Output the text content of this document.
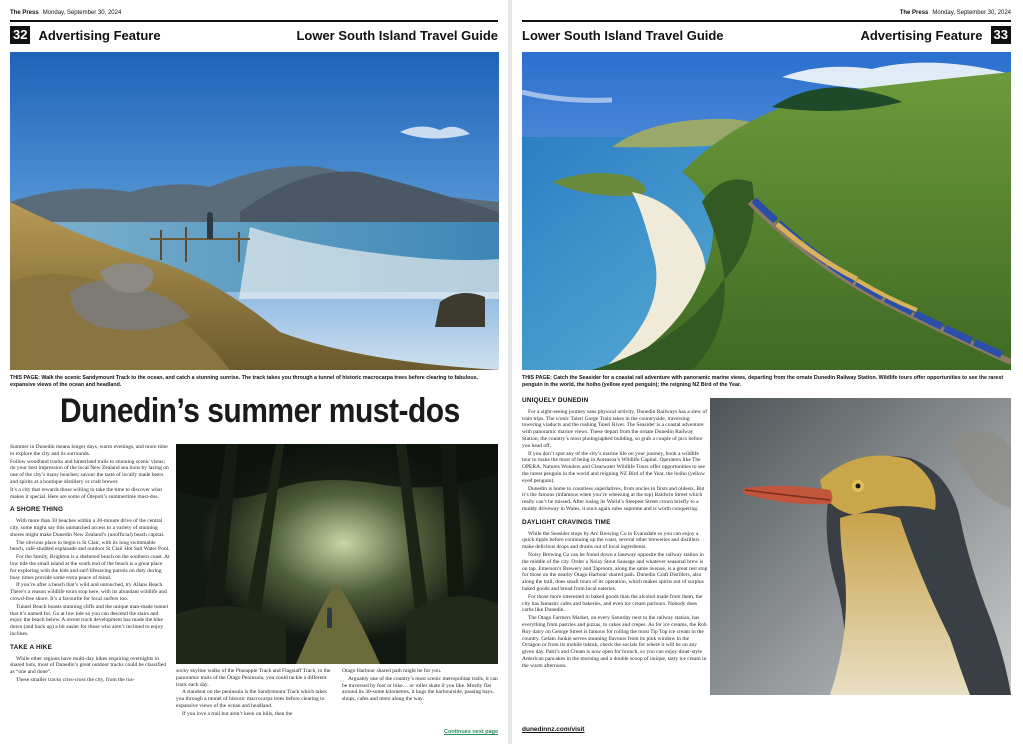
The Press Monday, September 30, 2024
32 Advertising Feature	Lower South Island Travel Guide
THIS PAGE: Walk the scenic Sandymount Track to the ocean, and catch a stunning sunrise. The track takes you through a tunnel of historic macrocarpa trees before clearing to fabulous, expansive views of the ocean and headland.
Dunedin’s summer must-dos

Summer in Dunedin means longer days, warm evenings, and more time to explore the city and its surrounds.

Follow woodland tracks and hinterland trails to stunning scenic vistas; do your best impression of the local New Zealand sea lions by lazing on one of the city’s many beaches; savour the taste of locally made beers and spirits at a boutique distillery or craft brewer.

It’s a city that rewards those willing to take the time to discover what makes it special. Here are some of Ōtepoti’s summertime must-dos.

A SHORE THING

With more than 30 beaches within a 30-minute drive of the central city, some might say this unmatched access to a variety of stunning shores might make Dunedin New Zealand’s (unofficial) beach capital.

The obvious place to begin is St Clair, with its long swimmable beach, café-studded esplanade and outdoor St Clair Hot Salt Water Pool.

For the family, Brighton is a sheltered beach on the southern coast. At low tide the small island at the south end of the beach is a great place for exploring with the kids and surf-lifesaving patrols on duty during busy times provide some extra peace of mind.

If you’re after a beach that’s wild and untouched, try Allans Beach. There’s a reason wildlife tours stop here, with its abundant wildlife and crowd-free shore. It’s a favourite for local surfers too.

Tunnel Beach boasts stunning cliffs and the unique man-made tunnel that it’s named for. Go at low tide so you can descend the stairs and enjoy the beach below. A recent track development has made the hike down (and back up) a bit easier for those who aren’t inclined to enjoy inclines.

TAKE A HIKE

While other regions have multi-day hikes requiring overnights in shared huts, most of Dunedin’s great outdoor tracks could be classified as “one and done”.

These smaller tracks criss-cross the city, from the rus-

socky skyline walks of the Pineapple Track and Flagstaff Track, to the panoramic trails of the Otago Peninsula, you could tackle a different track each day.

A standout on the peninsula is the Sandymount Track which takes you through a tunnel of historic macrocarpa trees before clearing to expansive views of the ocean and headland.

If you love a trail but aren’t keen on hills, then the

Otago Harbour shared path might be for you.

Arguably one of the country’s most scenic metropolitan trails, it can be traversed by foot or bike… or roller skate if you like. Mostly flat around its 30-some kilometres, it hugs the harbourside, passing bays, shops, cafes and more along the way.

Continues next page
The Press Monday, September 30, 2024
Lower South Island Travel Guide	Advertising Feature 33
THIS PAGE: Catch the Seasider for a coastal rail adventure with panoramic marine views, departing from the ornate Dunedin Railway Station. Wildlife tours offer opportunities to see the rarest penguin in the world, the hoiho (yellow eyed penguin); the reigning NZ Bird of the Year.
UNIQUELY DUNEDIN

For a sight-seeing journey sans physical activity, Dunedin Railways has a slew of train trips. The iconic Taieri Gorge Train takes in the countryside, traversing towering viaducts and the rushing Taieri River. The Seasider is a coastal adventure with panoramic marine views. These depart from the ornate Dunedin Railway Station, the country’s most photographed building, so grab a couple of pics before you head off.

If you don’t spot any of the city’s marine life on your journey, book a wildlife tour to make the most of being in Aotearoa’s Wildlife Capital. Operators like The OPERA, Natures Wonders and Clearwater Wildlife Tours offer opportunities to see the rarest penguin in the world and reigning NZ Bird of the Year, the hoiho (yellow eyed penguin).

Dunedin is home to countless superlatives, from oncies to firsts and oldests. But it’s the famous (infamous when you’re wheezing at the top) Baldwin Street which really can’t be missed. After losing its World’s Steepest Street crown briefly to a muddy driveway in Wales, it once again rules supreme and is worth conquering.

DAYLIGHT CRAVINGS TIME

While the Seasider stops by Arc Brewing Co in Evansdale so you can enjoy a quick tipple before continuing up the coast, several other breweries and distillers make delicious drops and drams out of local ingredients.

Noisy Brewing Co can be found down a laneway opposite the railway station in the middle of the city. Order a Noisy Stout Sausage and whatever seasonal brew is on tap. Emerson’s Brewery and Taproom, along the same avenue, is a great rest stop for those on the nearby Otago Harbour shared path. Dunedin Craft Distillers, also along the trail, does small tours of its operation, which makes spirits out of surplus baked goods and bread from local eateries.

For those more interested in baked goods than the alcohol made from them, the city has fantastic cafes and bakeries, and even ice cream parlours. Nobody does carbs like Dunedin.

The Otago Farmers Market, on every Saturday next to the railway station, has everything from pastries and pizzas, to cakes and crepes. As for ice creams, the Rob Roy dairy on George Street is famous for rolling the most Tip Top ice cream in the country. Gelato Junkie serves stunning flavours from its pink window in the Octagon or from its mobile tuktuk, check the socials for where it will be on any given day. Patti’s and Cream is now open for brunch, so you can enjoy diner-style American pancakes in the morning and a double scoop of unique, tasty ice cream in the warm afternoon.

dunedinnz.com/visit
